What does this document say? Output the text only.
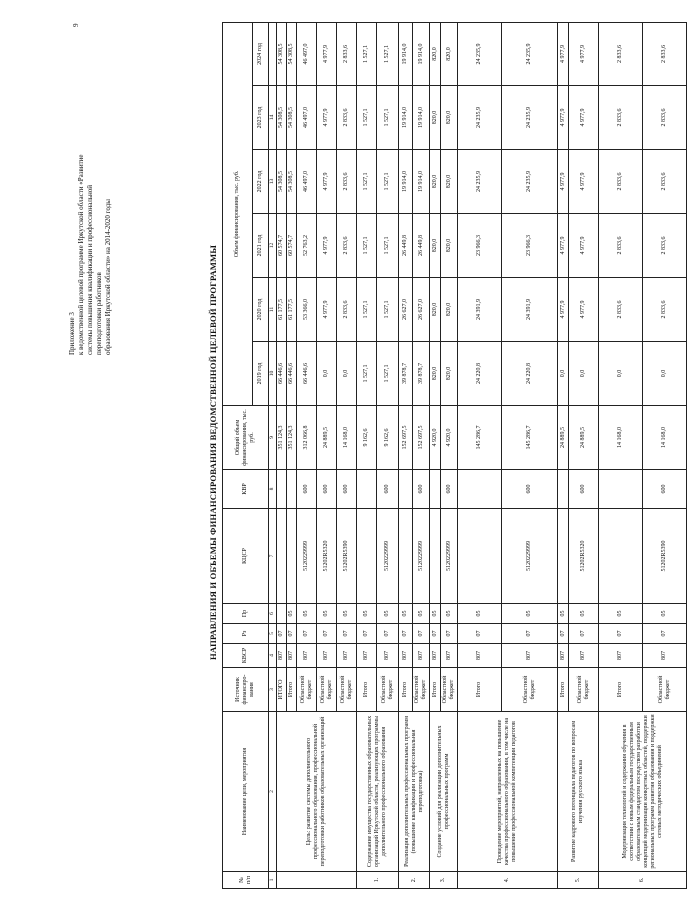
Приложение 3 к ведомственной целевой программе Иркутской области «Развитие системы повышения квалификации и профессиональной переподготовки работников образования Иркутской области» на 2014-2020 годы
9
НАПРАВЛЕНИЯ И ОБЪЕМЫ ФИНАНСИРОВАНИЯ ВЕДОМСТВЕННОЙ ЦЕЛЕВОЙ ПРОГРАММЫ
№ п/п	Наименование цели, мероприятия	Источник финансиро-вания	КВСР	Рз	Пр	КЦСР	КВР	Общий объем финансирования, тыс. руб.	Объем финансирования, тыс. руб.					
									2019 год	2020 год	2021 год	2022 год	2023 год	2024 год
1	2	3	4	5	6	7	8	9	10	11	12	13	14	
	Цель: развитие системы дополнительного профессионального образования, профессиональной переподготовки работников образовательных организаций	ИТОГО	807	07				351 124,3	66 446,6	61 177,5	60 574,7	54 308,5	54 308,5	54 308,5
		Итого	807	07	05			351 124,3	66 446,6	61 177,5	60 574,7	54 308,5	54 308,5	54 308,5
		Областной бюджет	807	07	05	5120229999	600	312 066,8	66 446,6	53 366,0	52 763,2	46 497,0	46 497,0	46 497,0
		Областной бюджет	807	07	05	51202R5320	600	24 889,5	0,0	4 977,9	4 977,9	4 977,9	4 977,9	4 977,9
		Областной бюджет	807	07	05	51202R5390	600	14 168,0	0,0	2 833,6	2 833,6	2 833,6	2 833,6	2 833,6
1.	Содержание имущества государственных образовательных организаций Иркутской области, реализующих программы дополнительного профессионального образования	Итого	807	07	05			9 162,6	1 527,1	1 527,1	1 527,1	1 527,1	1 527,1	1 527,1
		Областной бюджет	807	07	05	5120229999	600	9 162,6	1 527,1	1 527,1	1 527,1	1 527,1	1 527,1	1 527,1
2.	Реализация дополнительных профессиональных программ (повышение квалификации и профессиональная переподготовка)	Итого	807	07	05			152 697,5	39 878,7	26 627,0	26 449,8	19 914,0	19 914,0	19 914,0
		Областной бюджет	807	07	05	5120229999	600	152 697,5	39 878,7	26 627,0	26 449,8	19 914,0	19 914,0	19 914,0
3.	Создание условий для реализации дополнительных профессиональных программ	Итого	807	07	05			4 920,0	820,0	820,0	820,0	820,0	820,0	820,0
		Областной бюджет	807	07	05	5120229999	600	4 920,0	820,0	820,0	820,0	820,0	820,0	820,0
4.	Проведение мероприятий, направленных на повышение качества профессионального образования, в том числе на повышение профессиональной компетенции педагогов	Итого	807	07	05			145 286,7	24 220,8	24 391,9	23 966,3	24 235,9	24 235,9	24 235,9
		Областной бюджет	807	07	05	5120229999	600	145 286,7	24 220,8	24 391,9	23 966,3	24 235,9	24 235,9	24 235,9
5.	Развитие кадрового потенциала педагогов по вопросам изучения русского языка	Итого	807	07	05			24 889,5	0,0	4 977,9	4 977,9	4 977,9	4 977,9	4 977,9
		Областной бюджет	807	07	05	51202R5320	600	24 889,5	0,0	4 977,9	4 977,9	4 977,9	4 977,9	4 977,9
6.	Модернизация технологий и содержания обучения в соответствии с новым федеральным государственным образовательным стандартом посредством разработки концепций модернизации конкретных областей, поддержки региональных программ развития образования и поддержки сетевых методических объединений	Итого	807	07	05			14 168,0	0,0	2 833,6	2 833,6	2 833,6	2 833,6	2 833,6
		Областной бюджет	807	07	05	51202R5390	600	14 168,0	0,0	2 833,6	2 833,6	2 833,6	2 833,6	2 833,6
